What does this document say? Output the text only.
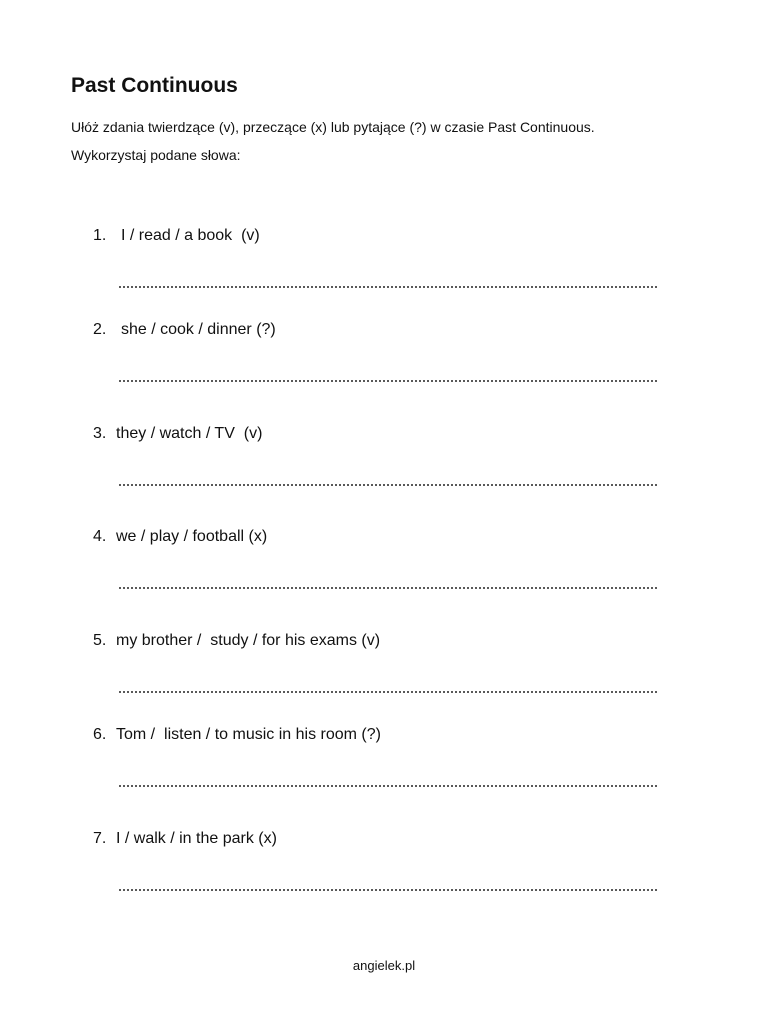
Past Continuous
Ułóż zdania twierdzące (v), przeczące (x) lub pytające (?) w czasie Past Continuous.
Wykorzystaj podane słowa:
1. I / read / a book  (v)
2. she / cook / dinner (?)
3. they / watch / TV  (v)
4. we / play / football (x)
5. my brother /  study / for his exams (v)
6. Tom /  listen / to music in his room (?)
7. I / walk / in the park (x)
angielek.pl
